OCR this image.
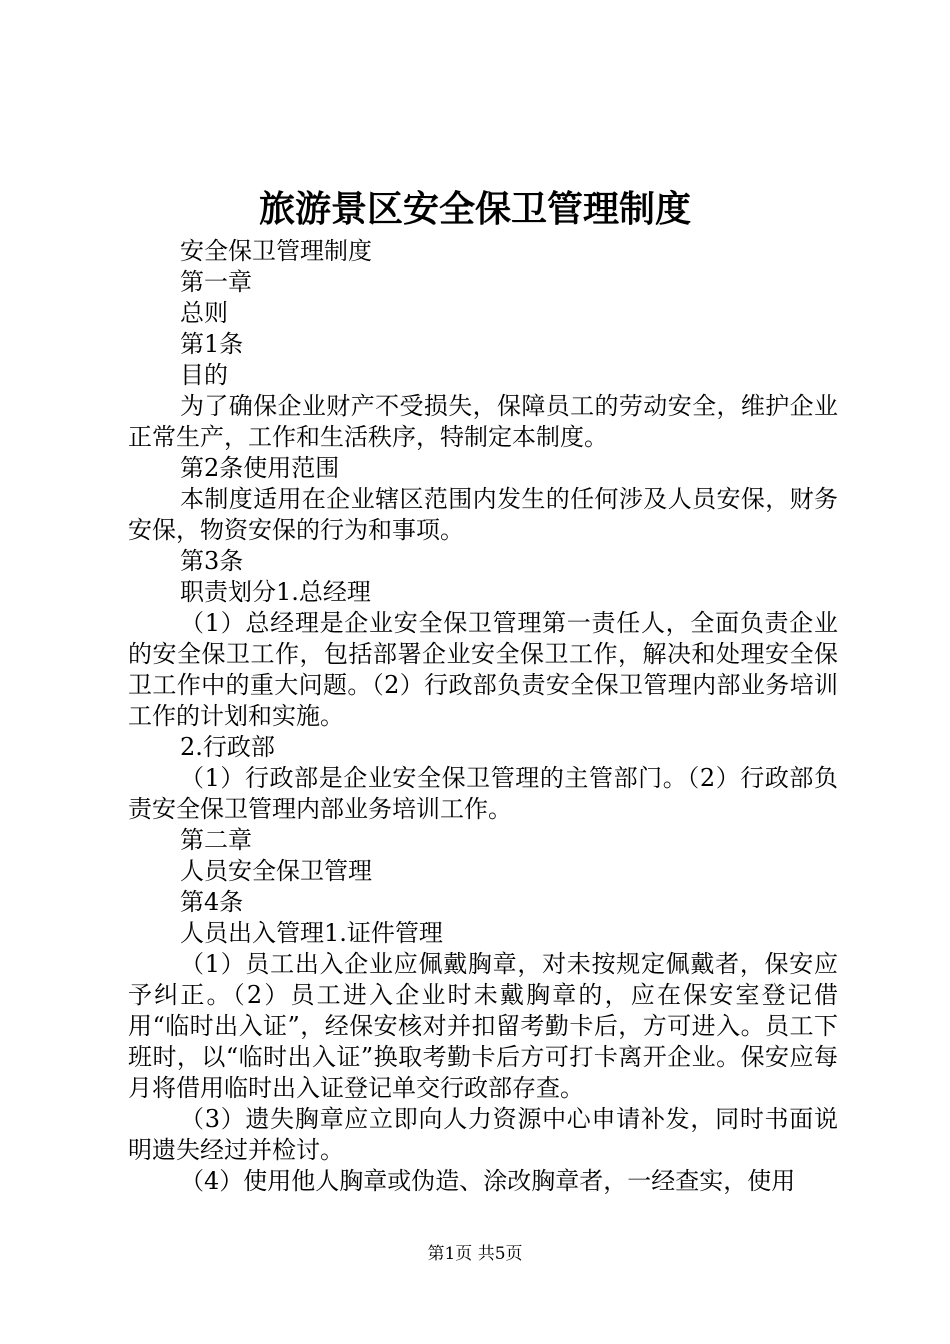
旅游景区安全保卫管理制度

安全保卫管理制度

第一章

总则

第1条

目的

为了确保企业财产不受损失，保障员工的劳动安全，维护企业正常生产，工作和生活秩序，特制定本制度。

第2条使用范围

本制度适用在企业辖区范围内发生的任何涉及人员安保，财务安保，物资安保的行为和事项。

第3条

职责划分1.总经理

（1）总经理是企业安全保卫管理第一责任人，全面负责企业的安全保卫工作，包括部署企业安全保卫工作，解决和处理安全保卫工作中的重大问题。（2）行政部负责安全保卫管理内部业务培训工作的计划和实施。

2.行政部

（1）行政部是企业安全保卫管理的主管部门。（2）行政部负责安全保卫管理内部业务培训工作。

第二章

人员安全保卫管理

第4条

人员出入管理1.证件管理

（1）员工出入企业应佩戴胸章，对未按规定佩戴者，保安应予纠正。（2）员工进入企业时未戴胸章的，应在保安室登记借用“临时出入证”，经保安核对并扣留考勤卡后，方可进入。员工下班时，以“临时出入证”换取考勤卡后方可打卡离开企业。保安应每月将借用临时出入证登记单交行政部存查。

（3）遗失胸章应立即向人力资源中心申请补发，同时书面说明遗失经过并检讨。

（4）使用他人胸章或伪造、涂改胸章者，一经查实，使用

第1页 共5页
